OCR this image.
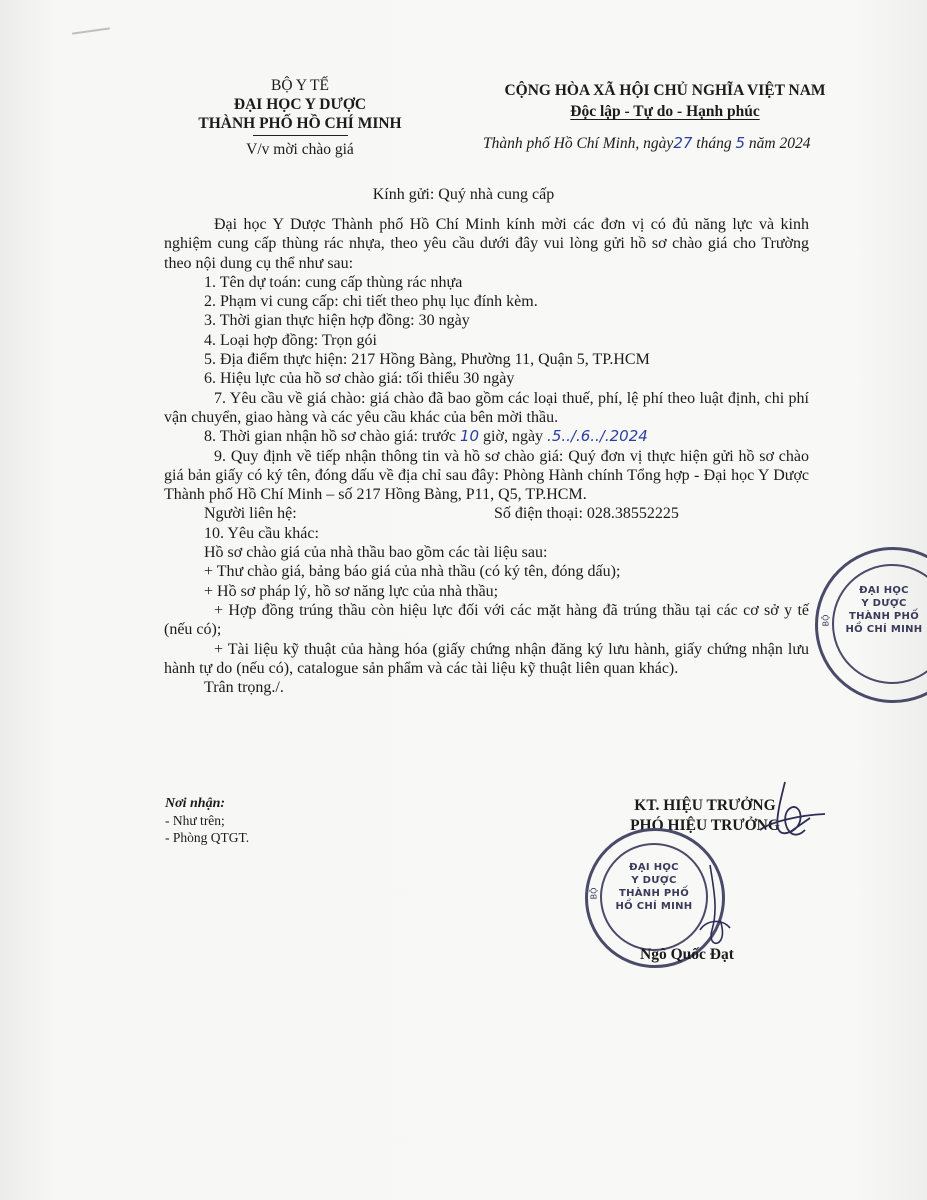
BỘ Y TẾ
ĐẠI HỌC Y DƯỢC
THÀNH PHỐ HỒ CHÍ MINH
V/v mời chào giá
CỘNG HÒA XÃ HỘI CHỦ NGHĨA VIỆT NAM
Độc lập - Tự do - Hạnh phúc
Thành phố Hồ Chí Minh, ngày27 tháng 5 năm 2024
Kính gửi: Quý nhà cung cấp

Đại học Y Dược Thành phố Hồ Chí Minh kính mời các đơn vị có đủ năng lực và kinh nghiệm cung cấp thùng rác nhựa, theo yêu cầu dưới đây vui lòng gửi hồ sơ chào giá cho Trường theo nội dung cụ thể như sau:

1. Tên dự toán: cung cấp thùng rác nhựa

2. Phạm vi cung cấp: chi tiết theo phụ lục đính kèm.

3. Thời gian thực hiện hợp đồng: 30 ngày

4. Loại hợp đồng: Trọn gói

5. Địa điểm thực hiện: 217 Hồng Bàng, Phường 11, Quận 5, TP.HCM

6. Hiệu lực của hồ sơ chào giá: tối thiểu 30 ngày

7. Yêu cầu về giá chào: giá chào đã bao gồm các loại thuế, phí, lệ phí theo luật định, chi phí vận chuyển, giao hàng và các yêu cầu khác của bên mời thầu.

8. Thời gian nhận hồ sơ chào giá: trước 10 giờ, ngày .5../.6../.2024

9. Quy định về tiếp nhận thông tin và hồ sơ chào giá: Quý đơn vị thực hiện gửi hồ sơ chào giá bản giấy có ký tên, đóng dấu về địa chỉ sau đây: Phòng Hành chính Tổng hợp - Đại học Y Dược Thành phố Hồ Chí Minh – số 217 Hồng Bàng, P11, Q5, TP.HCM.

Người liên hệ:	Số điện thoại: 028.38552225

10. Yêu cầu khác:

Hồ sơ chào giá của nhà thầu bao gồm các tài liệu sau:

+ Thư chào giá, bảng báo giá của nhà thầu (có ký tên, đóng dấu);

+ Hồ sơ pháp lý, hồ sơ năng lực của nhà thầu;

+ Hợp đồng trúng thầu còn hiệu lực đối với các mặt hàng đã trúng thầu tại các cơ sở y tế (nếu có);

+ Tài liệu kỹ thuật của hàng hóa (giấy chứng nhận đăng ký lưu hành, giấy chứng nhận lưu hành tự do (nếu có), catalogue sản phẩm và các tài liệu kỹ thuật liên quan khác).

Trân trọng./.

Nơi nhận:
- Như trên;
- Phòng QTGT.
ĐẠI HỌC
Y DƯỢC
THÀNH PHỐ
HỒ CHÍ MINH
BỘ
KT. HIỆU TRƯỞNG
PHÓ HIỆU TRƯỞNG
ĐẠI HỌC
Y DƯỢC
THÀNH PHỐ
HỒ CHÍ MINH
BỘ
Ngô Quốc Đạt
